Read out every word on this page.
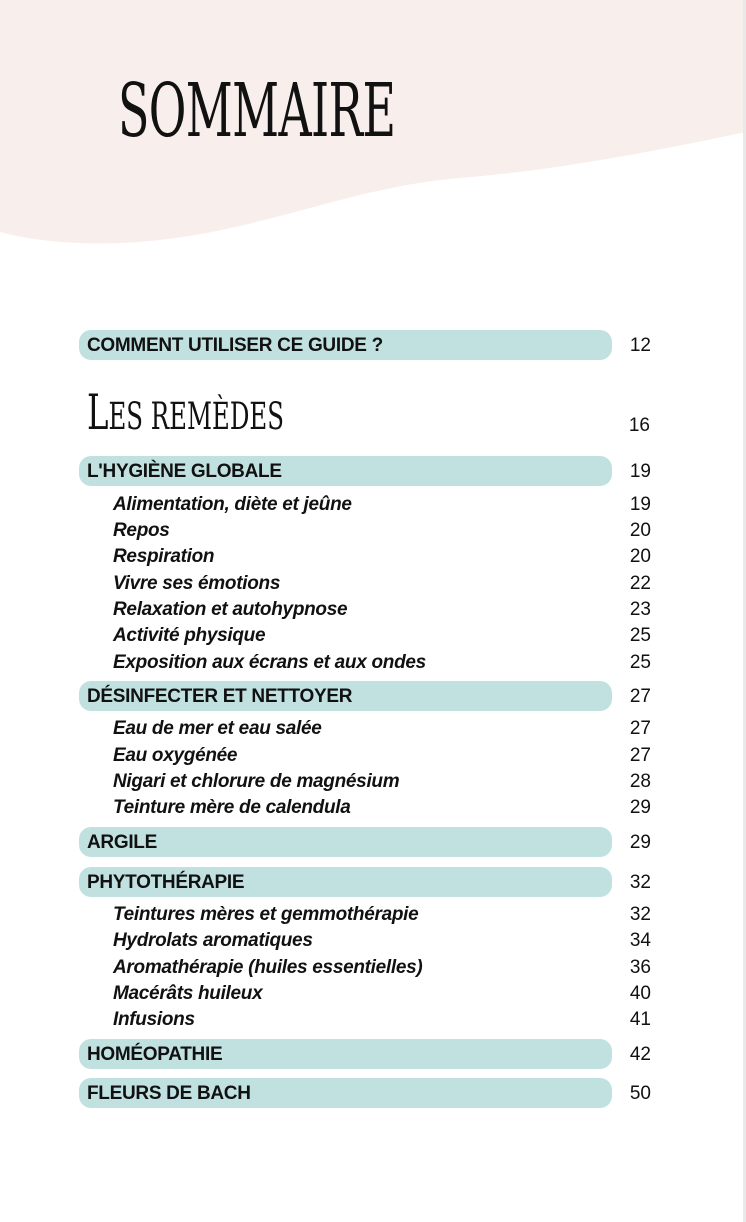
SOMMAIRE
COMMENT UTILISER CE GUIDE ?	12
LES REMÈDES	16
L'HYGIÈNE GLOBALE	19
Alimentation, diète et jeûne	19
Repos	20
Respiration	20
Vivre ses émotions	22
Relaxation et autohypnose	23
Activité physique	25
Exposition aux écrans et aux ondes	25
DÉSINFECTER ET NETTOYER	27
Eau de mer et eau salée	27
Eau oxygénée	27
Nigari et chlorure de magnésium	28
Teinture mère de calendula	29
ARGILE	29
PHYTOTHÉRAPIE	32
Teintures mères et gemmothérapie	32
Hydrolats aromatiques	34
Aromathérapie (huiles essentielles)	36
Macérâts huileux	40
Infusions	41
HOMÉOPATHIE	42
FLEURS DE BACH	50
